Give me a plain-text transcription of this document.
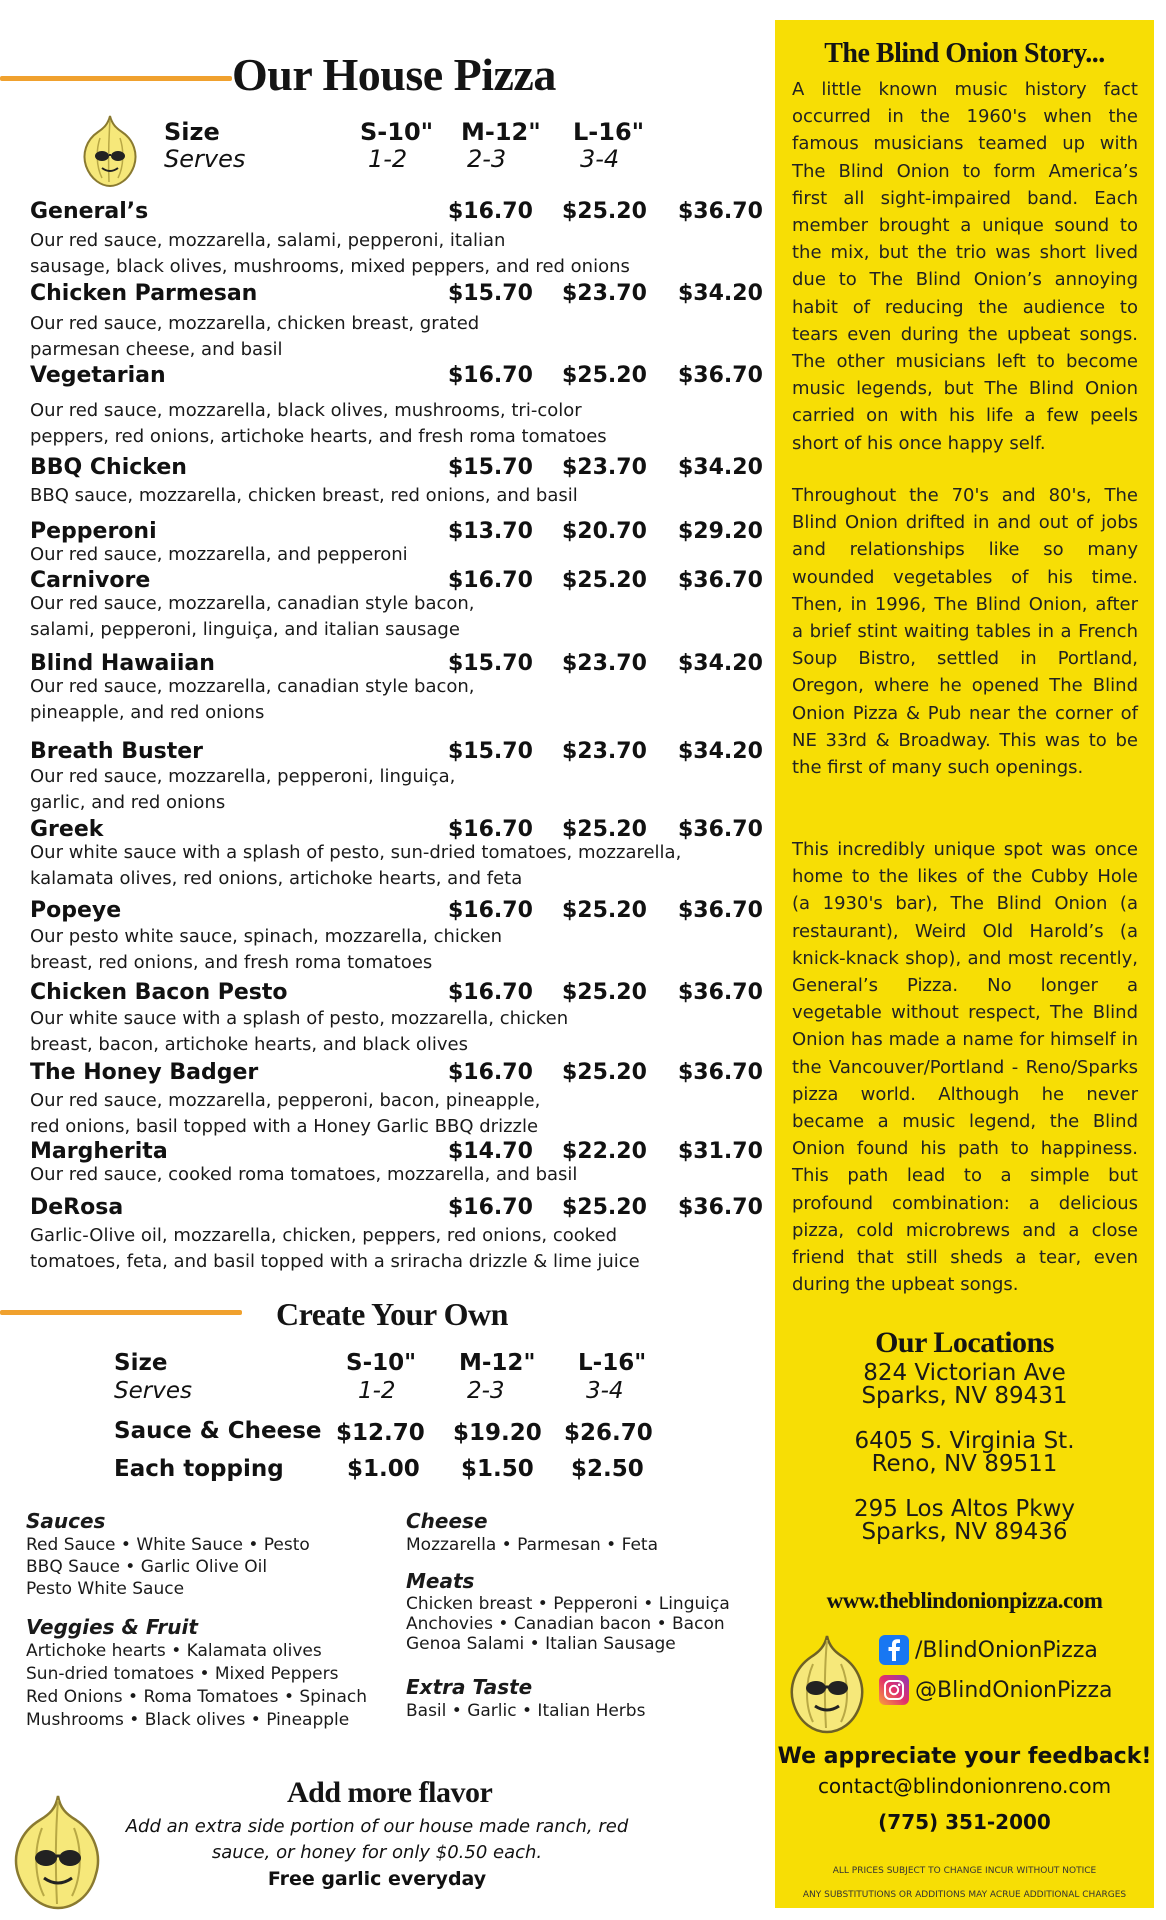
Our House Pizza
Size
Serves
S-10" M-12" L-16"
1-2 2-3	3-4
General’s	$16.70 $25.20 $36.70
Our red sauce, mozzarella, salami, pepperoni, italian
sausage, black olives, mushrooms, mixed peppers, and red onions
Chicken Parmesan	$15.70 $23.70 $34.20
Our red sauce, mozzarella, chicken breast, grated
parmesan cheese, and basil
Vegetarian	$16.70 $25.20 $36.70
Our red sauce, mozzarella, black olives, mushrooms, tri-color
peppers, red onions, artichoke hearts, and fresh roma tomatoes
BBQ Chicken	$15.70 $23.70 $34.20
BBQ sauce, mozzarella, chicken breast, red onions, and basil
Pepperoni	$13.70 $20.70 $29.20
Our red sauce, mozzarella, and pepperoni
Carnivore	$16.70 $25.20 $36.70
Our red sauce, mozzarella, canadian style bacon,
salami, pepperoni, linguiça, and italian sausage
Blind Hawaiian	$15.70 $23.70 $34.20
Our red sauce, mozzarella, canadian style bacon,
pineapple, and red onions
Breath Buster	$15.70 $23.70 $34.20
Our red sauce, mozzarella, pepperoni, linguiça,
garlic, and red onions
Greek	$16.70 $25.20 $36.70
Our white sauce with a splash of pesto, sun-dried tomatoes, mozzarella,
kalamata olives, red onions, artichoke hearts, and feta
Popeye	$16.70 $25.20 $36.70
Our pesto white sauce, spinach, mozzarella, chicken
breast, red onions, and fresh roma tomatoes
Chicken Bacon Pesto	$16.70 $25.20 $36.70
Our white sauce with a splash of pesto, mozzarella, chicken
breast, bacon, artichoke hearts, and black olives
The Honey Badger	$16.70 $25.20 $36.70
Our red sauce, mozzarella, pepperoni, bacon, pineapple,
red onions, basil topped with a Honey Garlic BBQ drizzle
Margherita	$14.70 $22.20 $31.70
Our red sauce, cooked roma tomatoes, mozzarella, and basil
DeRosa	$16.70 $25.20 $36.70
Garlic-Olive oil, mozzarella, chicken, peppers, red onions, cooked
tomatoes, feta, and basil topped with a sriracha drizzle & lime juice
Create Your Own
Size
Serves
S-10" M-12" L-16"
1-2	2-3	3-4
Sauce & Cheese $12.70 $19.20 $26.70
Each topping	$1.00 $1.50 $2.50
Sauces
Red Sauce • White Sauce • Pesto
BBQ Sauce • Garlic Olive Oil
Pesto White Sauce
Veggies & Fruit
Artichoke hearts • Kalamata olives
Sun-dried tomatoes • Mixed Peppers
Red Onions • Roma Tomatoes • Spinach
Mushrooms • Black olives • Pineapple
Cheese
Mozzarella • Parmesan • Feta
Meats
Chicken breast • Pepperoni • Linguiça
Anchovies • Canadian bacon • Bacon
Genoa Salami • Italian Sausage
Extra Taste
Basil • Garlic • Italian Herbs
Add more flavor
Add an extra side portion of our house made ranch, red sauce, or honey for only $0.50 each.
Free garlic everyday
The Blind Onion Story...
A little known music history fact occurred in the 1960's when the famous musicians teamed up with The Blind Onion to form America’s first all sight-impaired band. Each member brought a unique sound to the mix, but the trio was short lived due to The Blind Onion’s annoying habit of reducing the audience to tears even during the upbeat songs. The other musicians left to become music legends, but The Blind Onion carried on with his life a few peels short of his once happy self.
Throughout the 70's and 80's, The Blind Onion drifted in and out of jobs and relationships like so many wounded vegetables of his time. Then, in 1996, The Blind Onion, after a brief stint waiting tables in a French Soup Bistro, settled in Portland, Oregon, where he opened The Blind Onion Pizza & Pub near the corner of NE 33rd & Broadway. This was to be the first of many such openings.
This incredibly unique spot was once home to the likes of the Cubby Hole (a 1930's bar), The Blind Onion (a restaurant), Weird Old Harold’s (a knick-knack shop), and most recently, General’s Pizza. No longer a vegetable without respect, The Blind Onion has made a name for himself in the Vancouver/Portland - Reno/Sparks pizza world. Although he never became a music legend, the Blind Onion found his path to happiness. This path lead to a simple but profound combination: a delicious pizza, cold microbrews and a close friend that still sheds a tear, even during the upbeat songs.
Our Locations
824 Victorian Ave
Sparks, NV 89431
6405 S. Virginia St.
Reno, NV 89511
295 Los Altos Pkwy
Sparks, NV 89436
www.theblindonionpizza.com
/BlindOnionPizza
@BlindOnionPizza
We appreciate your feedback!
contact@blindonionreno.com
(775) 351-2000
ALL PRICES SUBJECT TO CHANGE INCUR WITHOUT NOTICE
ANY SUBSTITUTIONS OR ADDITIONS MAY ACRUE ADDITIONAL CHARGES
